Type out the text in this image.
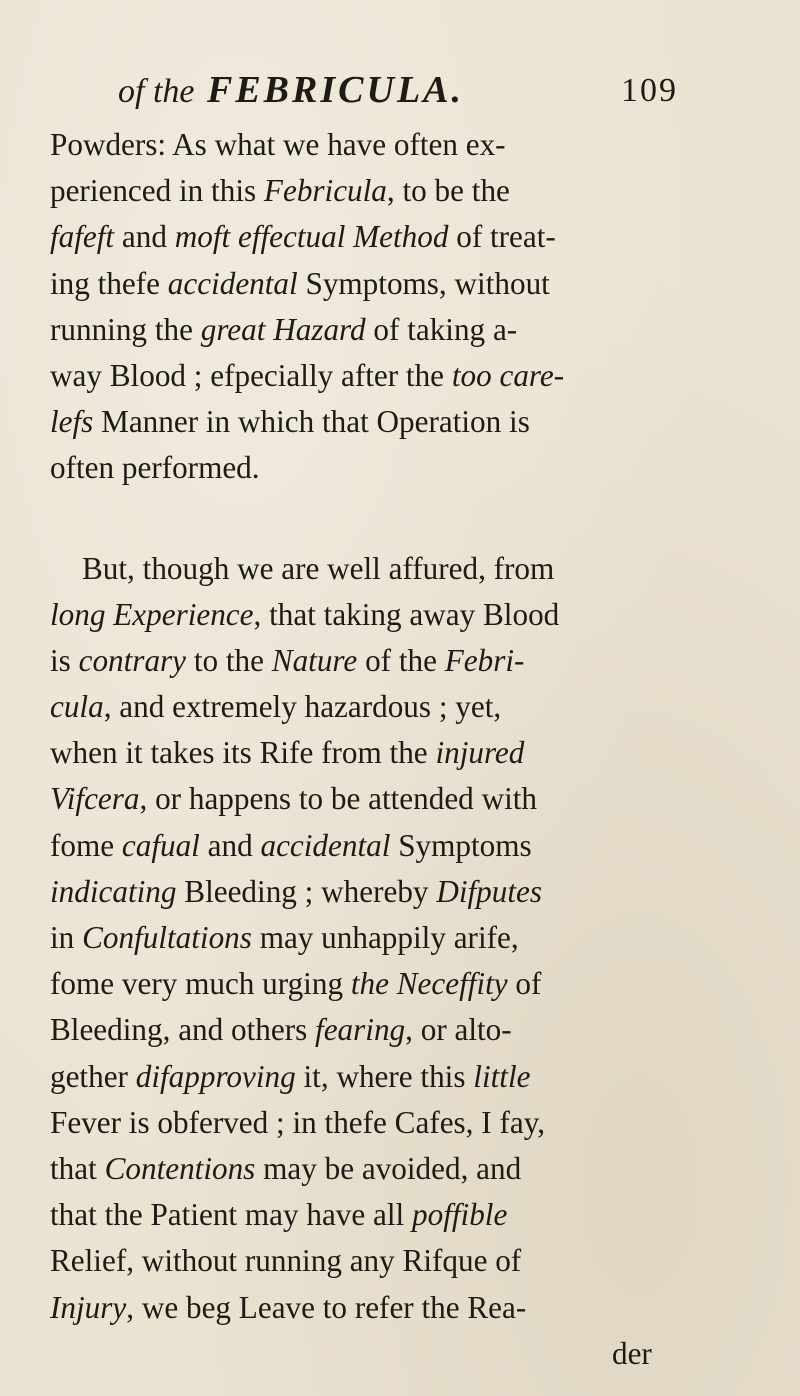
of the FEBRICULA.	109
Powders: As what we have often ex-
perienced in this Febricula, to be the
fafeft and moft effectual Method of treat-
ing thefe accidental Symptoms, without
running the great Hazard of taking a-
way Blood ; efpecially after the too care-
lefs Manner in which that Operation is
often performed.
But, though we are well affured, from
long Experience, that taking away Blood
is contrary to the Nature of the Febri-
cula, and extremely hazardous ; yet,
when it takes its Rife from the injured
Vifcera, or happens to be attended with
fome cafual and accidental Symptoms
indicating Bleeding ; whereby Difputes
in Confultations may unhappily arife,
fome very much urging the Neceffity of
Bleeding, and others fearing, or alto-
gether difapproving it, where this little
Fever is obferved ; in thefe Cafes, I fay,
that Contentions may be avoided, and
that the Patient may have all poffible
Relief, without running any Rifque of
Injury, we beg Leave to refer the Rea-
der
